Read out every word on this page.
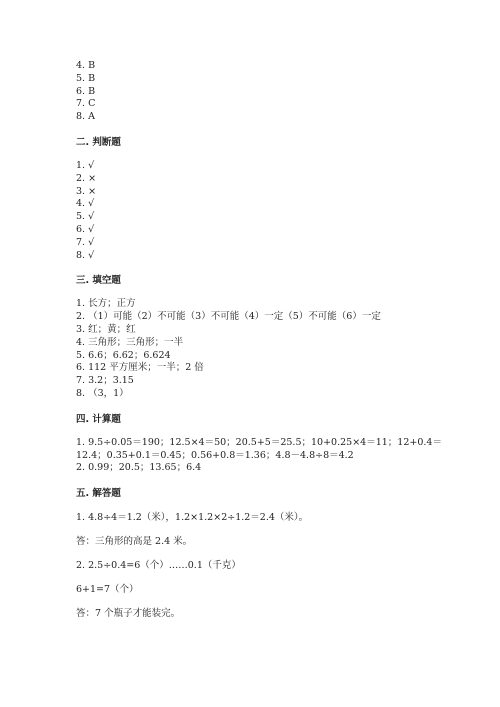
4. B
5. B
6. B
7. C
8. A
二. 判断题
1. √
2. ×
3. ×
4. √
5. √
6. √
7. √
8. √
三. 填空题
1. 长方；正方
2. （1）可能（2）不可能（3）不可能（4）一定（5）不可能（6）一定
3. 红；黄；红
4. 三角形；三角形；一半
5. 6.6；6.62；6.624
6. 112 平方厘米；一半；2 倍
7. 3.2；3.15
8. （3，1）
四. 计算题
1. 9.5÷0.05＝190；12.5×4＝50；20.5+5＝25.5；10+0.25×4＝11；12+0.4＝
12.4；0.35+0.1＝0.45；0.56+0.8＝1.36；4.8－4.8÷8＝4.2
2. 0.99；20.5；13.65；6.4
五. 解答题
1. 4.8÷4＝1.2（米），1.2×1.2×2÷1.2＝2.4（米）。
答：三角形的高是 2.4 米。
2. 2.5÷0.4=6（个）……0.1（千克）
6+1=7（个）
答：7 个瓶子才能装完。
